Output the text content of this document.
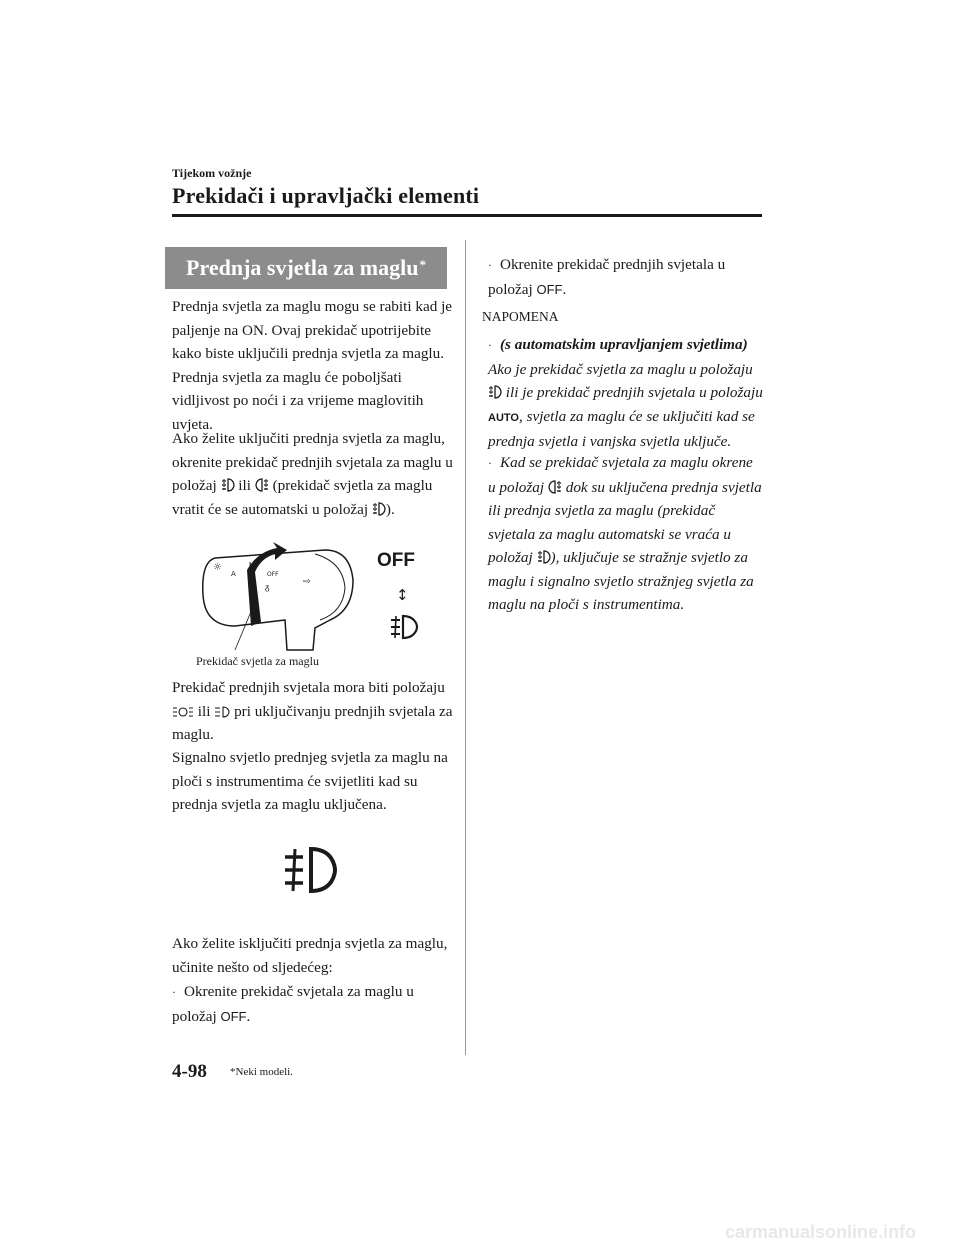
Tijekom vožnje
Prekidači i upravljački elementi
Prednja svjetla za maglu*
Prednja svjetla za maglu mogu se rabiti kad je paljenje na ON. Ovaj prekidač upotrijebite kako biste uključili prednja svjetla za maglu. Prednja svjetla za maglu će poboljšati vidljivost po noći i za vrijeme maglovitih uvjeta.
Ako želite uključiti prednja svjetla za maglu, okrenite prekidač prednjih svjetala za maglu u položaj ili (prekidač svjetla za maglu vratit će se automatski u položaj ).
☼
A	OFF
ᵹ
⇨
OFF
↕
Prekidač svjetla za maglu
Prekidač prednjih svjetala mora biti položaju  ili pri uključivanju prednjih svjetala za maglu.
Signalno svjetlo prednjeg svjetla za maglu na ploči s instrumentima će svijetliti kad su prednja svjetla za maglu uključena.
Ako želite isključiti prednja svjetla za maglu, učinite nešto od sljedećeg:
· Okrenite prekidač svjetala za maglu u položaj OFF.
· Okrenite prekidač prednjih svjetala u položaj OFF.
NAPOMENA
· (s automatskim upravljanjem svjetlima) Ako je prekidač svjetla za maglu u položaju  ili je prekidač prednjih svjetala u položaju AUTO, svjetla za maglu će se uključiti kad se prednja svjetla i vanjska svjetla uključe.
· Kad se prekidač svjetala za maglu okrene u položaj dok su uključena prednja svjetla ili prednja svjetla za maglu (prekidač svjetala za maglu automatski se vraća u položaj ), uključuje se stražnje svjetlo za maglu i signalno svjetlo stražnjeg svjetla za maglu na ploči s instrumentima.
4-98 *Neki modeli.
carmanualsonline.info
